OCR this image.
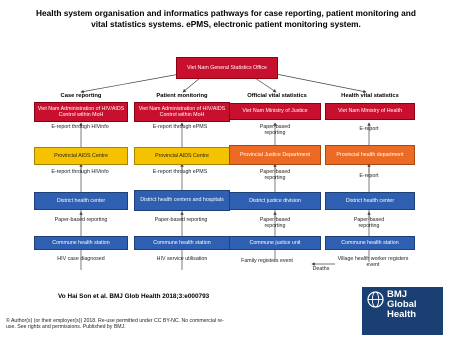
Health system organisation and informatics pathways for case reporting, patient monitoring and
vital statistics systems. ePMS, electronic patient monitoring system.
Viet Nam General Statistics Office
Case reporting	Patient monitoring	Official vital statistics	Health vital statistics
Viet Nam Administration of HIV/AIDS Control within MoH
E-report through HIVinfo
Provincial AIDS Centre
E-report through HIVinfo
District health center
Paper-based reporting
Commune health station
HIV case diagnosed
Viet Nam Administration of HIV/AIDS Control within MoH
E-report through ePMS
Provincial AIDS Centre
E-report through ePMS
District health centers and hospitals
Paper-based reporting
Commune health station
HIV service utilisation
Viet Nam Ministry of Justice
Paper-based reporting
Provincial Justice Department
Paper-based reporting
District justice division
Paper-based reporting
Commune justice unit
Family registers event
Deaths
Viet Nam Ministry of Health
E-report
Provincial health department
E-report
District health center
Paper-based reporting
Commune health station
Village health worker registers event
Vo Hai Son et al. BMJ Glob Health 2018;3:e000793
© Author(s) (or their employer(s)) 2018. Re-use permitted under CC BY-NC. No commercial re-
use. See rights and permissions. Published by BMJ.
BMJ
Global
Health
